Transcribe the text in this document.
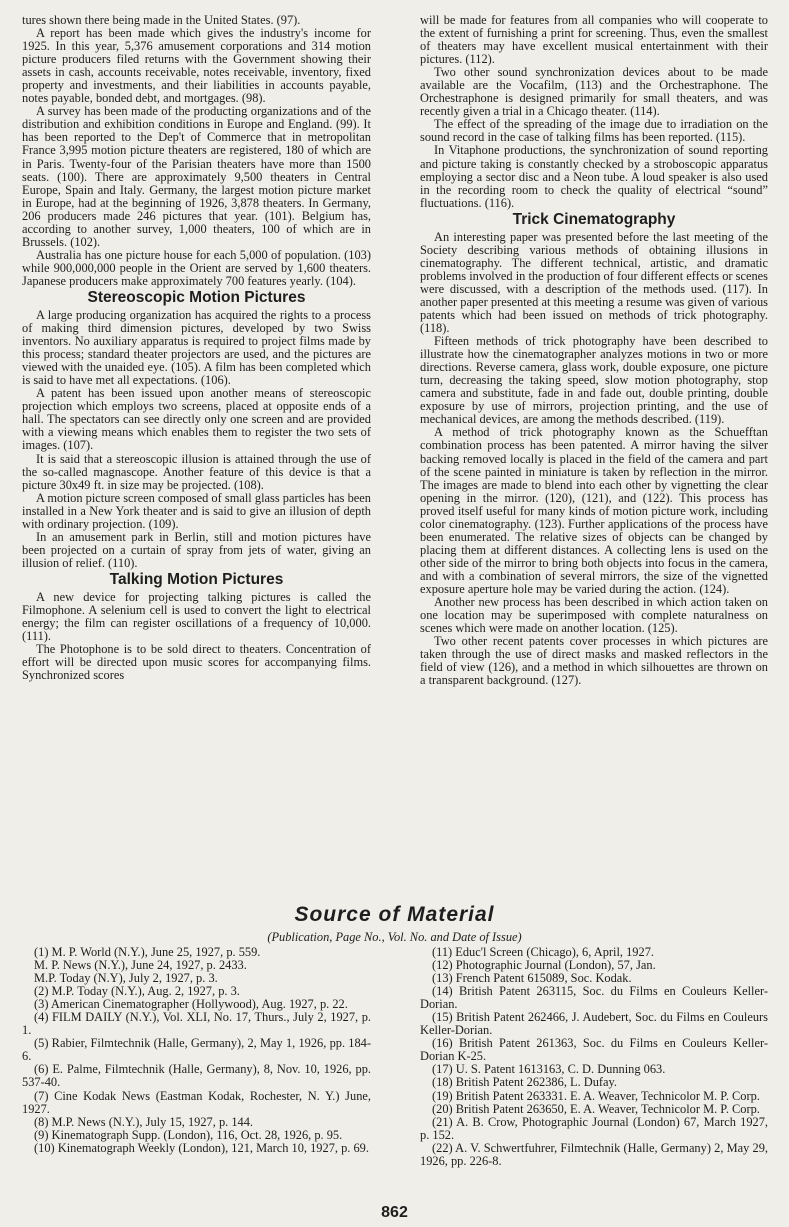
tures shown there being made in the United States. (97).

A report has been made which gives the industry's income for 1925. In this year, 5,376 amusement corporations and 314 motion picture producers filed returns with the Government showing their assets in cash, accounts receivable, notes receivable, inventory, fixed property and investments, and their liabilities in accounts payable, notes payable, bonded debt, and mortgages. (98).

A survey has been made of the producting organizations and of the distribution and exhibition conditions in Europe and England. (99). It has been reported to the Dep't of Commerce that in metropolitan France 3,995 motion picture theaters are registered, 180 of which are in Paris. Twenty-four of the Parisian theaters have more than 1500 seats. (100). There are approximately 9,500 theaters in Central Europe, Spain and Italy. Germany, the largest motion picture market in Europe, had at the beginning of 1926, 3,878 theaters. In Germany, 206 producers made 246 pictures that year. (101). Belgium has, according to another survey, 1,000 theaters, 100 of which are in Brussels. (102).

Australia has one picture house for each 5,000 of population. (103) while 900,000,000 people in the Orient are served by 1,600 theaters. Japanese producers make approximately 700 features yearly. (104).

Stereoscopic Motion Pictures

A large producing organization has acquired the rights to a process of making third dimension pictures, developed by two Swiss inventors. No auxiliary apparatus is required to project films made by this process; standard theater projectors are used, and the pictures are viewed with the unaided eye. (105). A film has been completed which is said to have met all expectations. (106).

A patent has been issued upon another means of stereoscopic projection which employs two screens, placed at opposite ends of a hall. The spectators can see directly only one screen and are provided with a viewing means which enables them to register the two sets of images. (107).

It is said that a stereoscopic illusion is attained through the use of the so-called magnascope. Another feature of this device is that a picture 30x49 ft. in size may be projected. (108).

A motion picture screen composed of small glass particles has been installed in a New York theater and is said to give an illusion of depth with ordinary projection. (109).

In an amusement park in Berlin, still and motion pictures have been projected on a curtain of spray from jets of water, giving an illusion of relief. (110).

Talking Motion Pictures

A new device for projecting talking pictures is called the Filmophone. A selenium cell is used to convert the light to electrical energy; the film can register oscillations of a frequency of 10,000. (111).

The Photophone is to be sold direct to theaters. Concentration of effort will be directed upon music scores for accompanying films. Synchronized scores

will be made for features from all companies who will cooperate to the extent of furnishing a print for screening. Thus, even the smallest of theaters may have excellent musical entertainment with their pictures. (112).

Two other sound synchronization devices about to be made available are the Vocafilm, (113) and the Orchestraphone. The Orchestraphone is designed primarily for small theaters, and was recently given a trial in a Chicago theater. (114).

The effect of the spreading of the image due to irradiation on the sound record in the case of talking films has been reported. (115).

In Vitaphone productions, the synchronization of sound reporting and picture taking is constantly checked by a stroboscopic apparatus employing a sector disc and a Neon tube. A loud speaker is also used in the recording room to check the quality of electrical “sound” fluctuations. (116).

Trick Cinematography

An interesting paper was presented before the last meeting of the Society describing various methods of obtaining illusions in cinematography. The different technical, artistic, and dramatic problems involved in the production of four different effects or scenes were discussed, with a description of the methods used. (117). In another paper presented at this meeting a resume was given of various patents which had been issued on methods of trick photography. (118).

Fifteen methods of trick photography have been described to illustrate how the cinematographer analyzes motions in two or more directions. Reverse camera, glass work, double exposure, one picture turn, decreasing the taking speed, slow motion photography, stop camera and substitute, fade in and fade out, double printing, double exposure by use of mirrors, projection printing, and the use of mechanical devices, are among the methods described. (119).

A method of trick photography known as the Schuefftan combination process has been patented. A mirror having the silver backing removed locally is placed in the field of the camera and part of the scene painted in miniature is taken by reflection in the mirror. The images are made to blend into each other by vignetting the clear opening in the mirror. (120), (121), and (122). This process has proved itself useful for many kinds of motion picture work, including color cinematography. (123). Further applications of the process have been enumerated. The relative sizes of objects can be changed by placing them at different distances. A collecting lens is used on the other side of the mirror to bring both objects into focus in the camera, and with a combination of several mirrors, the size of the vignetted exposure aperture hole may be varied during the action. (124).

Another new process has been described in which action taken on one location may be superimposed with complete naturalness on scenes which were made on another location. (125).

Two other recent patents cover processes in which pictures are taken through the use of direct masks and masked reflectors in the field of view (126), and a method in which silhouettes are thrown on a transparent background. (127).

Source of Material
(Publication, Page No., Vol. No. and Date of Issue)
(1) M. P. World (N.Y.), June 25, 1927, p. 559.
M. P. News (N.Y.), June 24, 1927, p. 2433.
M.P. Today (N.Y), July 2, 1927, p. 3.
(2) M.P. Today (N.Y.), Aug. 2, 1927, p. 3.
(3) American Cinematographer (Hollywood), Aug. 1927, p. 22.
(4) FILM DAILY (N.Y.), Vol. XLI, No. 17, Thurs., July 2, 1927, p. 1.
(5) Rabier, Filmtechnik (Halle, Germany), 2, May 1, 1926, pp. 184-6.
(6) E. Palme, Filmtechnik (Halle, Germany), 8, Nov. 10, 1926, pp. 537-40.
(7) Cine Kodak News (Eastman Kodak, Rochester, N. Y.) June, 1927.
(8) M.P. News (N.Y.), July 15, 1927, p. 144.
(9) Kinematograph Supp. (London), 116, Oct. 28, 1926, p. 95.
(10) Kinematograph Weekly (London), 121, March 10, 1927, p. 69.
(11) Educ'l Screen (Chicago), 6, April, 1927.
(12) Photographic Journal (London), 57, Jan.
(13) French Patent 615089, Soc. Kodak.
(14) British Patent 263115, Soc. du Films en Couleurs Keller-Dorian.
(15) British Patent 262466, J. Audebert, Soc. du Films en Couleurs Keller-Dorian.
(16) British Patent 261363, Soc. du Films en Couleurs Keller-Dorian K-25.
(17) U. S. Patent 1613163, C. D. Dunning 063.
(18) British Patent 262386, L. Dufay.
(19) British Patent 263331. E. A. Weaver, Technicolor M. P. Corp.
(20) British Patent 263650, E. A. Weaver, Technicolor M. P. Corp.
(21) A. B. Crow, Photographic Journal (London) 67, March 1927, p. 152.
(22) A. V. Schwertfuhrer, Filmtechnik (Halle, Germany) 2, May 29, 1926, pp. 226-8.
862
